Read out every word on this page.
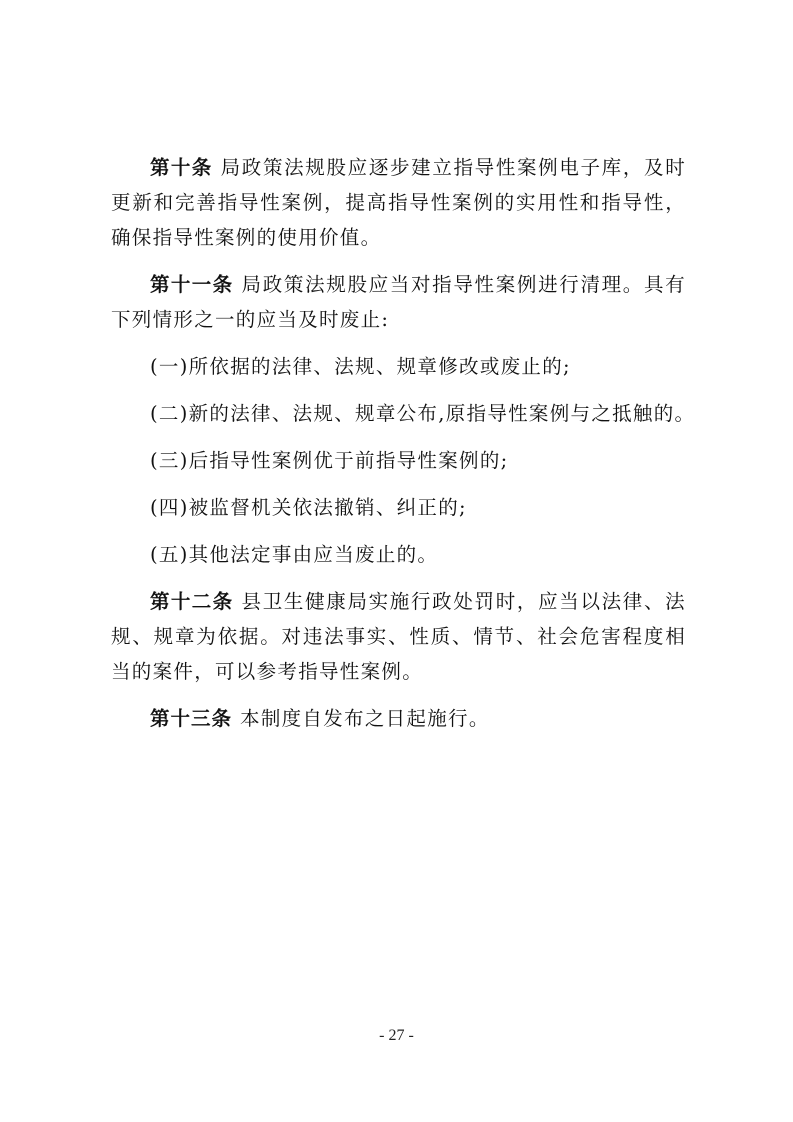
第十条 局政策法规股应逐步建立指导性案例电子库，及时更新和完善指导性案例，提高指导性案例的实用性和指导性，确保指导性案例的使用价值。

第十一条 局政策法规股应当对指导性案例进行清理。具有下列情形之一的应当及时废止:

(一)所依据的法律、法规、规章修改或废止的;

(二)新的法律、法规、规章公布,原指导性案例与之抵触的。

(三)后指导性案例优于前指导性案例的;

(四)被监督机关依法撤销、纠正的;

(五)其他法定事由应当废止的。

第十二条 县卫生健康局实施行政处罚时，应当以法律、法规、规章为依据。对违法事实、性质、情节、社会危害程度相当的案件，可以参考指导性案例。

第十三条 本制度自发布之日起施行。

- 27 -
